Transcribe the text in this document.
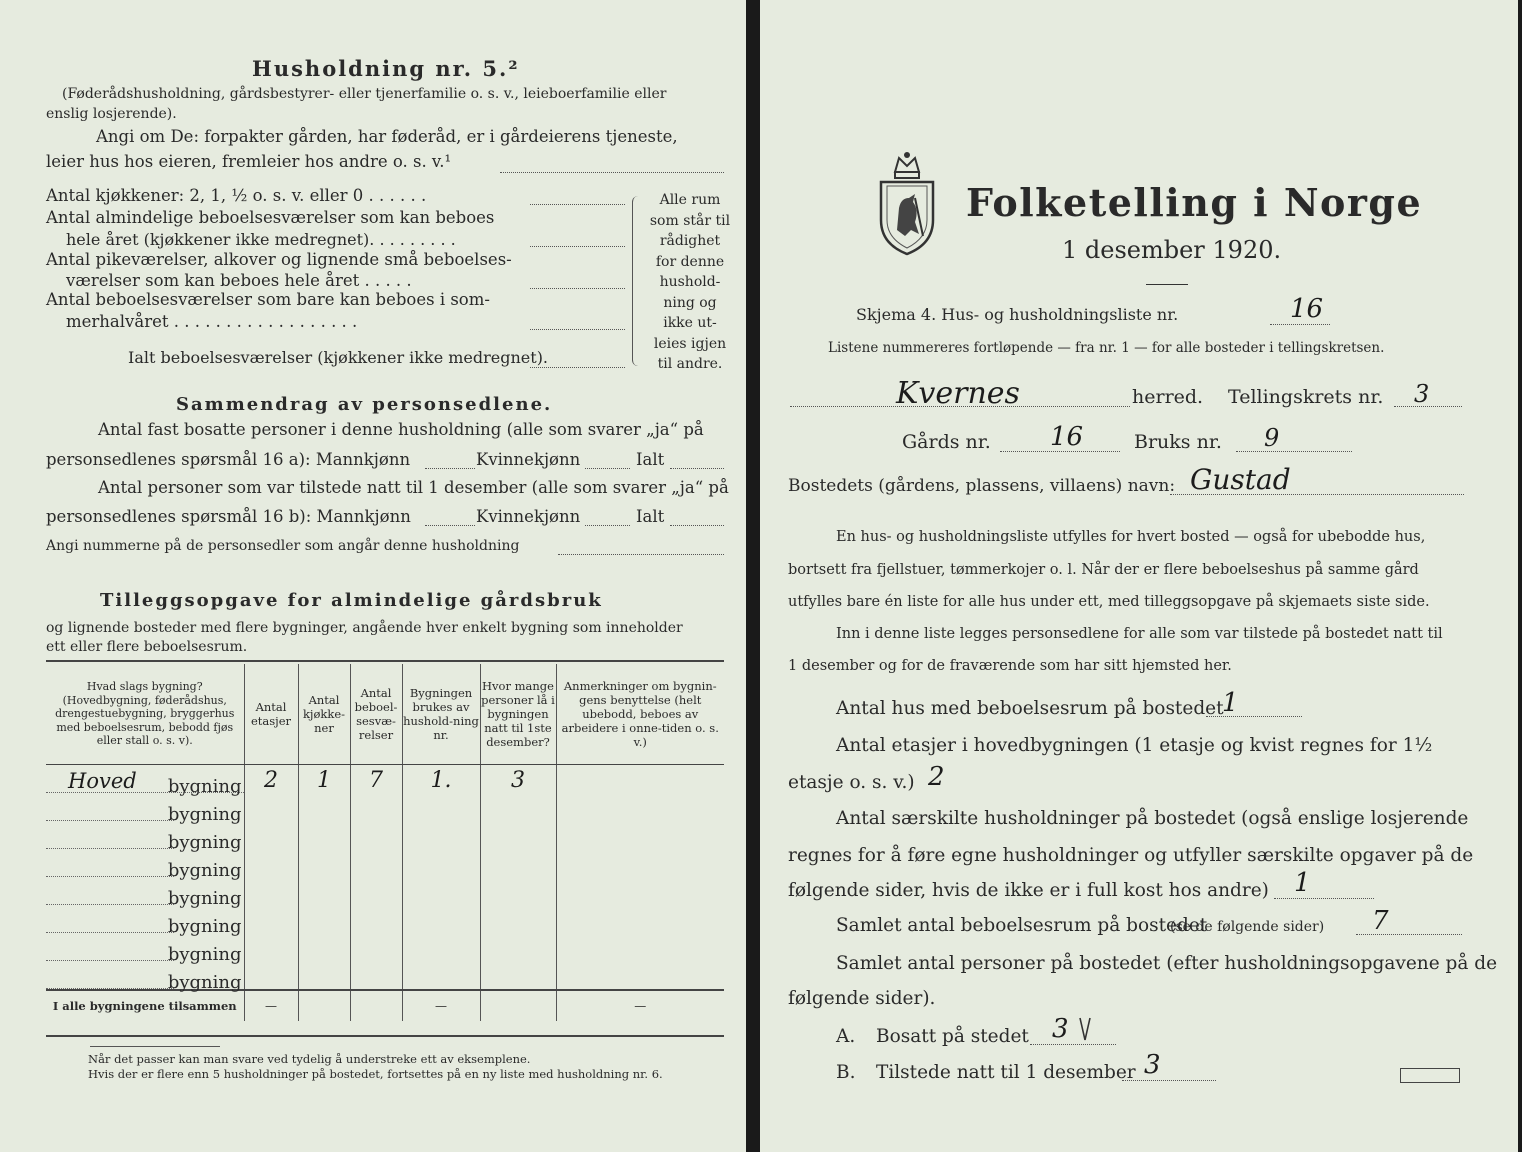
Husholdning nr. 5.²
(Føderådshusholdning, gårdsbestyrer- eller tjenerfamilie o. s. v., leieboerfamilie eller
enslig losjerende).
Angi om De: forpakter gården, har føderåd, er i gårdeierens tjeneste,
leier hus hos eieren, fremleier hos andre o. s. v.¹
Antal kjøkkener: 2, 1, ½ o. s. v. eller 0 . . . . . .
Antal almindelige beboelsesværelser som kan beboes
hele året (kjøkkener ikke medregnet). . . . . . . . .
Antal pikeværelser, alkover og lignende små beboelses-
værelser som kan beboes hele året . . . . .
Antal beboelsesværelser som bare kan beboes i som-
merhalvåret . . . . . . . . . . . . . . . . . .
Ialt beboelsesværelser (kjøkkener ikke medregnet).
Alle rum
som står til
rådighet
for denne
hushold-
ning og
ikke ut-
leies igjen
til andre.
Sammendrag av personsedlene.
Antal fast bosatte personer i denne husholdning (alle som svarer „ja“ på
personsedlenes spørsmål 16 a): Mannkjønn	Kvinnekjønn	Ialt
Antal personer som var tilstede natt til 1 desember (alle som svarer „ja“ på
personsedlenes spørsmål 16 b): Mannkjønn	Kvinnekjønn	Ialt
Angi nummerne på de personsedler som angår denne husholdning
Tilleggsopgave for almindelige gårdsbruk
og lignende bosteder med flere bygninger, angående hver enkelt bygning som inneholder
ett eller flere beboelsesrum.
Hvad slags bygning?
(Hovedbygning, føderådshus, drengestuebygning, bryggerhus med beboelsesrum, bebodd fjøs eller stall o. s. v).	Antal etasjer	Antal kjøkke-ner	Antal beboel-sesvæ-relser	Bygningen brukes av hushold-ning nr.	Hvor mange personer lå i bygningen natt til 1ste desember?	Anmerkninger om bygnin-gens benyttelse (helt ubebodd, beboes av arbeidere i onne-tiden o. s. v.)

Hoved bygning	2	1	7	1.	3	

bygning						

bygning						

bygning						

bygning						

bygning						

bygning						

bygning						

I alle bygningene tilsammen	—			—		—
Når det passer kan man svare ved tydelig å understreke ett av eksemplene.
Hvis der er flere enn 5 husholdninger på bostedet, fortsettes på en ny liste med husholdning nr. 6.
Folketelling i Norge
1 desember 1920.
Skjema 4. Hus- og husholdningsliste nr.	16
Listene nummereres fortløpende — fra nr. 1 — for alle bosteder i tellingskretsen.
Kvernes	herred. Tellingskrets nr. 3
Gårds nr. 16	Bruks nr. 9
Bostedets (gårdens, plassens, villaens) navn: Gustad
En hus- og husholdningsliste utfylles for hvert bosted — også for ubebodde hus,
bortsett fra fjellstuer, tømmerkojer o. l. Når der er flere beboelseshus på samme gård
utfylles bare én liste for alle hus under ett, med tilleggsopgave på skjemaets siste side.
Inn i denne liste legges personsedlene for alle som var tilstede på bostedet natt til
1 desember og for de fraværende som har sitt hjemsted her.
Antal hus med beboelsesrum på bostedet
1
Antal etasjer i hovedbygningen (1 etasje og kvist regnes for 1½
etasje o. s. v.) 2
Antal særskilte husholdninger på bostedet (også enslige losjerende
regnes for å føre egne husholdninger og utfyller særskilte opgaver på de
følgende sider, hvis de ikke er i full kost hos andre) 1
Samlet antal beboelsesrum på bostedet
(se de følgende sider) 7
Samlet antal personer på bostedet (efter husholdningsopgavene på de
følgende sider).
A. Bosatt på stedet 3
B. Tilstede natt til 1 desember 3
